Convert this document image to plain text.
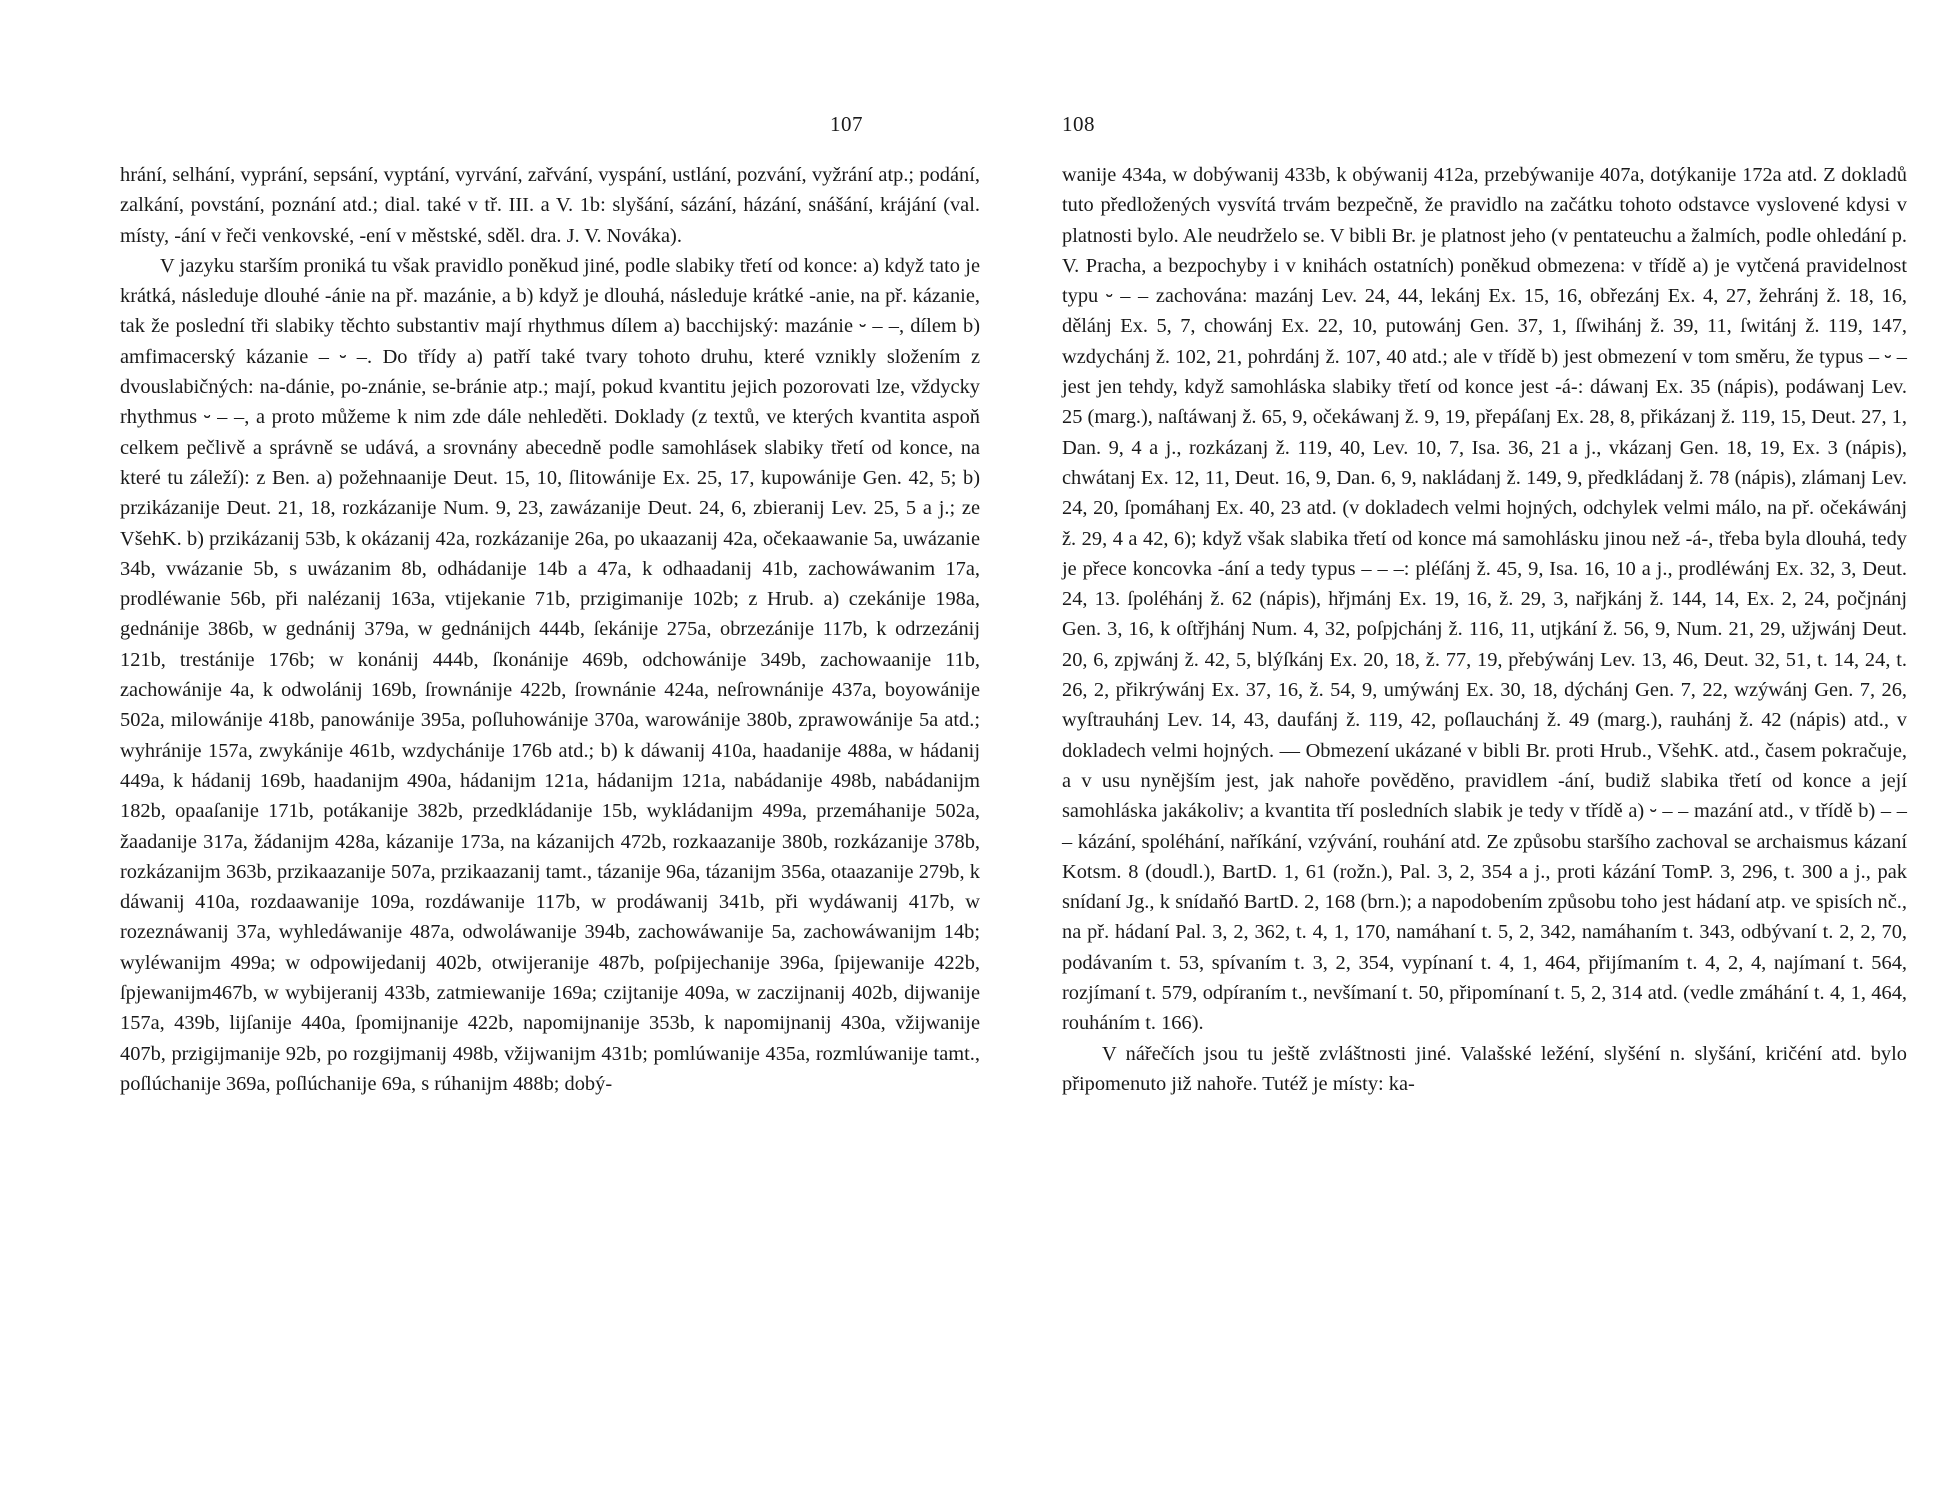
107

hrání, selhání, vyprání, sepsání, vyptání, vyrvání, zařvání, vyspání, ustlání, pozvání, vyžrání atp.; podání, zalkání, povstání, poznání atd.; dial. také v tř. III. a V. 1b: slyšání, sázání, házání, snášání, krájání (val. místy, -ání v řeči venkovské, -ení v městské, sděl. dra. J. V. Nováka).

V jazyku starším proniká tu však pravidlo poněkud jiné, podle slabiky třetí od konce: a) když tato je krátká, následuje dlouhé -ánie na př. mazánie, a b) když je dlouhá, následuje krátké -anie, na př. kázanie, tak že poslední tři slabiky těchto substantiv mají rhythmus dílem a) bacchijský: mazánie ⏑ – –, dílem b) amfimacerský kázanie – ⏑ –. Do třídy a) patří také tvary tohoto druhu, které vznikly složením z dvouslabičných: na-dánie, po-znánie, se-bránie atp.; mají, pokud kvantitu jejich pozorovati lze, vždycky rhythmus ⏑ – –, a proto můžeme k nim zde dále nehleděti. Doklady (z textů, ve kterých kvantita aspoň celkem pečlivě a správně se udává, a srovnány abecedně podle samohlásek slabiky třetí od konce, na které tu záleží): z Ben. a) požehnaanije Deut. 15, 10, ſlitowánije Ex. 25, 17, kupowánije Gen. 42, 5; b) przikázanije Deut. 21, 18, rozkázanije Num. 9, 23, zawázanije Deut. 24, 6, zbieranij Lev. 25, 5 a j.; ze VšehK. b) przikázanij 53b, k okázanij 42a, rozkázanije 26a, po ukaazanij 42a, očekaawanie 5a, uwázanie 34b, vwázanie 5b, s uwázanim 8b, odhádanije 14b a 47a, k odhaadanij 41b, zachowáwanim 17a, prodléwanie 56b, při nalézanij 163a, vtijekanie 71b, przigimanije 102b; z Hrub. a) czekánije 198a, gednánije 386b, w gednánij 379a, w gednánijch 444b, ſekánije 275a, obrzezánije 117b, k odrzezánij 121b, trestánije 176b; w konánij 444b, ſkonánije 469b, odchowánije 349b, zachowaanije 11b, zachowánije 4a, k odwolánij 169b, ſrownánije 422b, ſrownánie 424a, neſrownánije 437a, boyowánije 502a, milowánije 418b, panowánije 395a, poſluhowánije 370a, warowánije 380b, zprawowánije 5a atd.; wyhránije 157a, zwykánije 461b, wzdychánije 176b atd.; b) k dáwanij 410a, haadanije 488a, w hádanij 449a, k hádanij 169b, haadanijm 490a, hádanijm 121a, hádanijm 121a, nabádanije 498b, nabádanijm 182b, opaaſanije 171b, potákanije 382b, przedkládanije 15b, wykládanijm 499a, przemáhanije 502a, žaadanije 317a, žádanijm 428a, kázanije 173a, na kázanijch 472b, rozkaazanije 380b, rozkázanije 378b, rozkázanijm 363b, przikaazanije 507a, przikaazanij tamt., tázanije 96a, tázanijm 356a, otaazanije 279b, k dáwanij 410a, rozdaawanije 109a, rozdáwanije 117b, w prodáwanij 341b, při wydáwanij 417b, w rozeznáwanij 37a, wyhledáwanije 487a, odwoláwanije 394b, zachowáwanije 5a, zachowáwanijm 14b; wyléwanijm 499a; w odpowijedanij 402b, otwijeranije 487b, poſpijechanije 396a, ſpijewanije 422b, ſpjewanijm467b, w wybijeranij 433b, zatmiewanije 169a; czijtanije 409a, w zaczijnanij 402b, dijwanije 157a, 439b, lijſanije 440a, ſpomijnanije 422b, napomijnanije 353b, k napomijnanij 430a, vžijwanije 407b, przigijmanije 92b, po rozgijmanij 498b, vžijwanijm 431b; pomlúwanije 435a, rozmlúwanije tamt., poſlúchanije 369a, poſlúchanije 69a, s rúhanijm 488b; dobý-

108

wanije 434a, w dobýwanij 433b, k obýwanij 412a, przebýwanije 407a, dotýkanije 172a atd. Z dokladů tuto předložených vysvítá trvám bezpečně, že pravidlo na začátku tohoto odstavce vyslovené kdysi v platnosti bylo. Ale neudrželo se. V bibli Br. je platnost jeho (v pentateuchu a žalmích, podle ohledání p. V. Pracha, a bezpochyby i v knihách ostatních) poněkud obmezena: v třídě a) je vytčená pravidelnost typu ⏑ – – zachována: mazánj Lev. 24, 44, lekánj Ex. 15, 16, obřezánj Ex. 4, 27, žehránj ž. 18, 16, dělánj Ex. 5, 7, chowánj Ex. 22, 10, putowánj Gen. 37, 1, ſſwihánj ž. 39, 11, ſwitánj ž. 119, 147, wzdychánj ž. 102, 21, pohrdánj ž. 107, 40 atd.; ale v třídě b) jest obmezení v tom směru, že typus – ⏑ – jest jen tehdy, když samohláska slabiky třetí od konce jest -á-: dáwanj Ex. 35 (nápis), podáwanj Lev. 25 (marg.), naſtáwanj ž. 65, 9, očekáwanj ž. 9, 19, přepáſanj Ex. 28, 8, přikázanj ž. 119, 15, Deut. 27, 1, Dan. 9, 4 a j., rozkázanj ž. 119, 40, Lev. 10, 7, Isa. 36, 21 a j., vkázanj Gen. 18, 19, Ex. 3 (nápis), chwátanj Ex. 12, 11, Deut. 16, 9, Dan. 6, 9, nakládanj ž. 149, 9, předkládanj ž. 78 (nápis), zlámanj Lev. 24, 20, ſpomáhanj Ex. 40, 23 atd. (v dokladech velmi hojných, odchylek velmi málo, na př. očekáwánj ž. 29, 4 a 42, 6); když však slabika třetí od konce má samohlásku jinou než -á-, třeba byla dlouhá, tedy je přece koncovka -ání a tedy typus – – –: pléſánj ž. 45, 9, Isa. 16, 10 a j., prodléwánj Ex. 32, 3, Deut. 24, 13. ſpoléhánj ž. 62 (nápis), hřjmánj Ex. 19, 16, ž. 29, 3, nařjkánj ž. 144, 14, Ex. 2, 24, počjnánj Gen. 3, 16, k oſtřjhánj Num. 4, 32, poſpjchánj ž. 116, 11, utjkání ž. 56, 9, Num. 21, 29, užjwánj Deut. 20, 6, zpjwánj ž. 42, 5, blýſkánj Ex. 20, 18, ž. 77, 19, přebýwánj Lev. 13, 46, Deut. 32, 51, t. 14, 24, t. 26, 2, přikrýwánj Ex. 37, 16, ž. 54, 9, umýwánj Ex. 30, 18, dýchánj Gen. 7, 22, wzýwánj Gen. 7, 26, wyſtrauhánj Lev. 14, 43, daufánj ž. 119, 42, poſlauchánj ž. 49 (marg.), rauhánj ž. 42 (nápis) atd., v dokladech velmi hojných. — Obmezení ukázané v bibli Br. proti Hrub., VšehK. atd., časem pokračuje, a v usu nynějším jest, jak nahoře pověděno, pravidlem -ání, budiž slabika třetí od konce a její samohláska jakákoliv; a kvantita tří posledních slabik je tedy v třídě a) ⏑ – – mazání atd., v třídě b) – – – kázání, spoléhání, naříkání, vzývání, rouhání atd. Ze způsobu staršího zachoval se archaismus kázaní Kotsm. 8 (doudl.), BartD. 1, 61 (rožn.), Pal. 3, 2, 354 a j., proti kázání TomP. 3, 296, t. 300 a j., pak snídaní Jg., k snídaňó BartD. 2, 168 (brn.); a napodobením způsobu toho jest hádaní atp. ve spisích nč., na př. hádaní Pal. 3, 2, 362, t. 4, 1, 170, namáhaní t. 5, 2, 342, namáhaním t. 343, odbývaní t. 2, 2, 70, podávaním t. 53, spívaním t. 3, 2, 354, vypínaní t. 4, 1, 464, přijímaním t. 4, 2, 4, najímaní t. 564, rozjímaní t. 579, odpíraním t., nevšímaní t. 50, připomínaní t. 5, 2, 314 atd. (vedle zmáhání t. 4, 1, 464, rouháním t. 166).

V nářečích jsou tu ještě zvláštnosti jiné. Valašské ležéní, slyšéní n. slyšání, kričéní atd. bylo připomenuto již nahoře. Tutéž je místy: ka-
